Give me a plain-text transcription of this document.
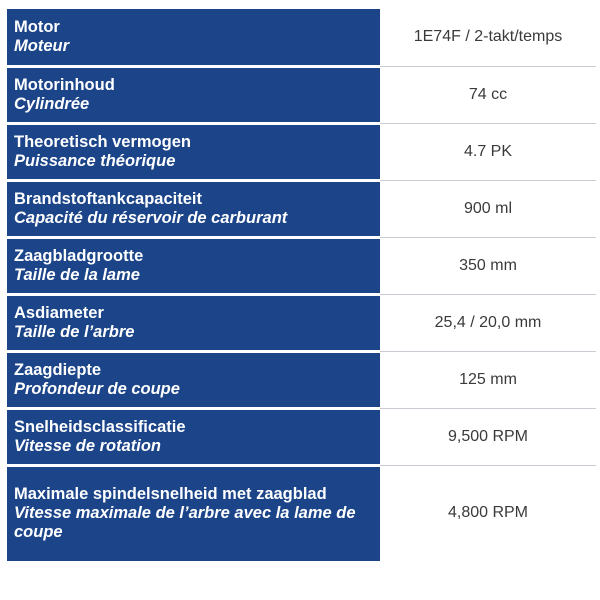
Motor
Moteur	1E74F / 2-takt/temps

Motorinhoud
Cylindrée	74 cc

Theoretisch vermogen
Puissance théorique	4.7 PK

Brandstoftankcapaciteit
Capacité du réservoir de carburant	900 ml

Zaagbladgrootte
Taille de la lame	350 mm

Asdiameter
Taille de l’arbre	25,4 / 20,0 mm

Zaagdiepte
Profondeur de coupe	125 mm

Snelheidsclassificatie
Vitesse de rotation	9,500 RPM

Maximale spindelsnelheid met zaagblad
Vitesse maximale de l’arbre avec la lame de coupe	4,800 RPM
